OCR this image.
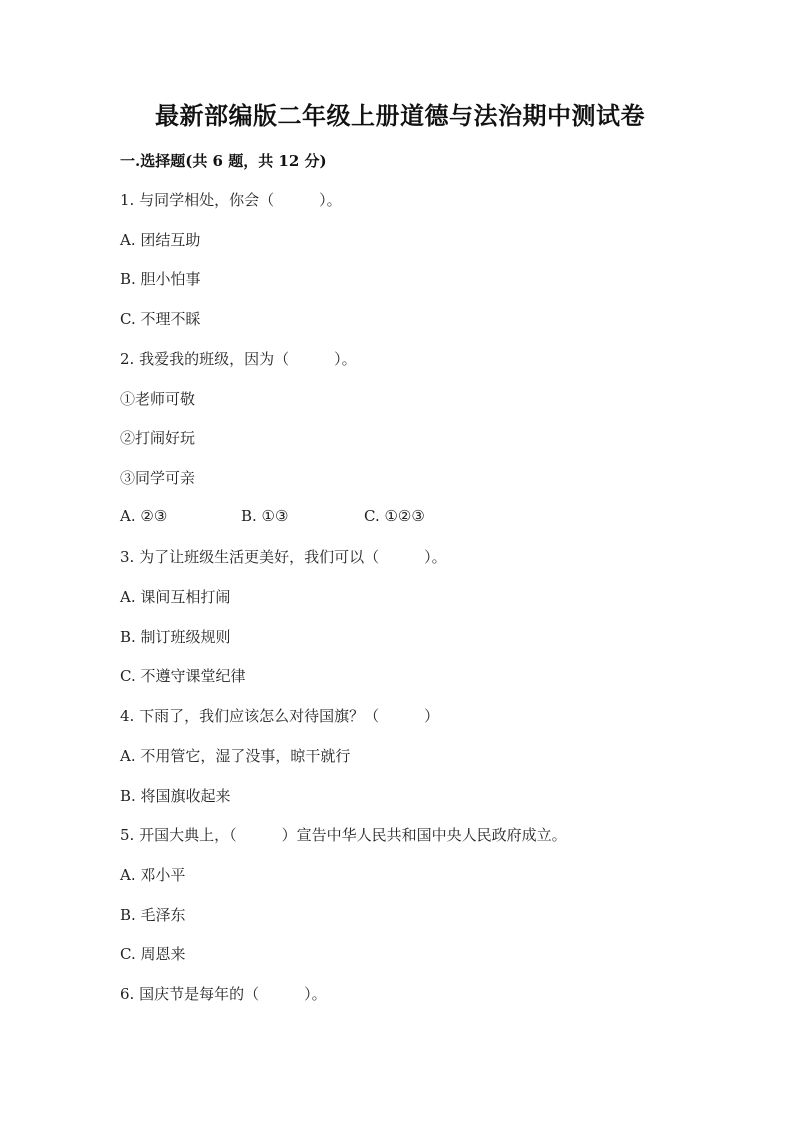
最新部编版二年级上册道德与法治期中测试卷
一.选择题(共 6 题，共 12 分)
1. 与同学相处，你会（　　　）。
A. 团结互助
B. 胆小怕事
C. 不理不睬
2. 我爱我的班级，因为（　　　）。
①老师可敬
②打闹好玩
③同学可亲

A. ②③

	B. ①③

	C. ①②③

3. 为了让班级生活更美好，我们可以（　　　）。
A. 课间互相打闹
B. 制订班级规则
C. 不遵守课堂纪律
4. 下雨了，我们应该怎么对待国旗？（　　　）
A. 不用管它，湿了没事，晾干就行
B. 将国旗收起来
5. 开国大典上，（　　　）宣告中华人民共和国中央人民政府成立。
A. 邓小平
B. 毛泽东
C. 周恩来
6. 国庆节是每年的（　　　）。
